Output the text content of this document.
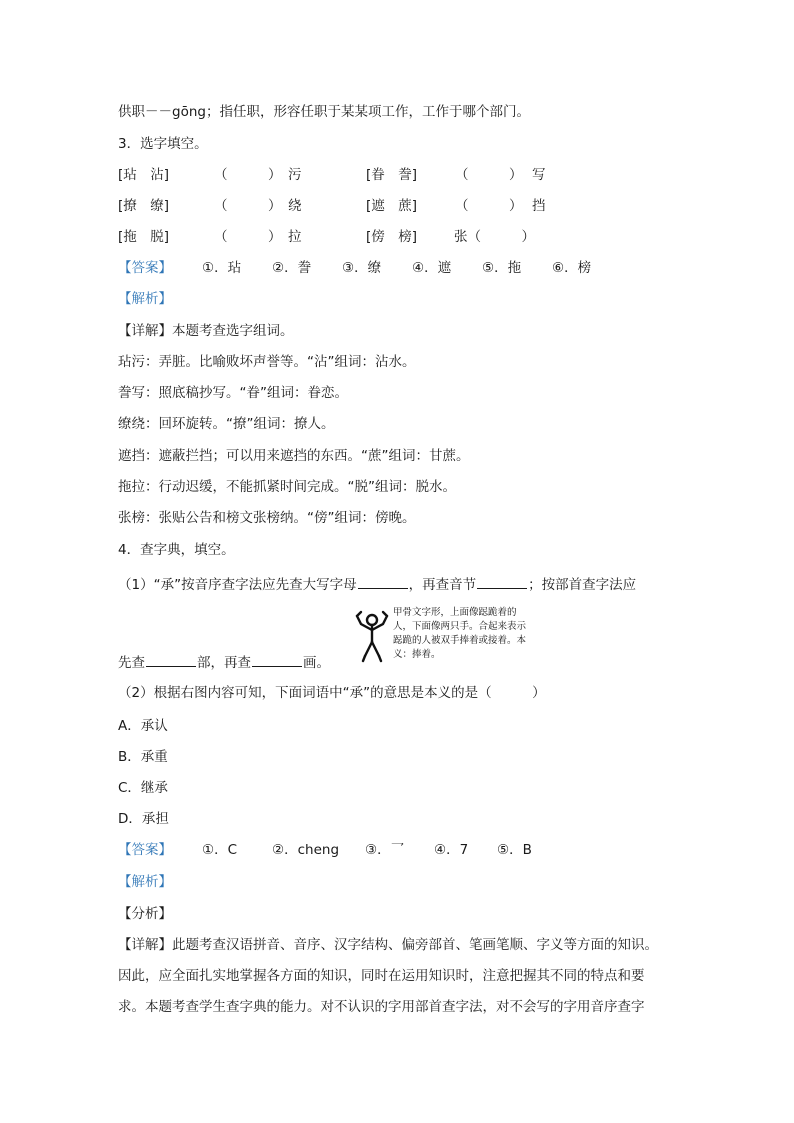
供职－－gōng；指任职，形容任职于某某项工作，工作于哪个部门。
3．选字填空。
[玷　沾]	（　　　） 污	[眷　誊]	（　　　） 写
[撩　缭]	（　　　） 绕	[遮　蔗]	（　　　） 挡
[拖　脱]	（　　　） 拉	[傍　榜]	张（　　　）
【答案】 ①．玷 ②．誊 ③．缭 ④．遮 ⑤．拖 ⑥．榜
【解析】
【详解】本题考查选字组词。
玷污：弄脏。比喻败坏声誉等。“沾”组词：沾水。
誊写：照底稿抄写。“眷”组词：眷恋。
缭绕：回环旋转。“撩”组词：撩人。
遮挡：遮蔽拦挡；可以用来遮挡的东西。“蔗”组词：甘蔗。
拖拉：行动迟缓，不能抓紧时间完成。“脱”组词：脱水。
张榜：张贴公告和榜文张榜纳。“傍”组词：傍晚。
4．查字典，填空。
（1）“承”按音序查字法应先查大写字母	，再查音节	；按部首查字法应
甲骨文字形，上面像跽跪着的人，下面像两只手。合起来表示跽跪的人被双手捧着或接着。本义：捧着。
先查	部，再查	画。
（2）根据右图内容可知，下面词语中“承”的意思是本义的是（　　　）
A．承认
B．承重
C．继承
D．承担
【答案】 ①．C	②．cheng ③．乛 ④．7 ⑤．B
【解析】
【分析】
【详解】此题考查汉语拼音、音序、汉字结构、偏旁部首、笔画笔顺、字义等方面的知识。
因此，应全面扎实地掌握各方面的知识，同时在运用知识时，注意把握其不同的特点和要
求。本题考查学生查字典的能力。对不认识的字用部首查字法，对不会写的字用音序查字
